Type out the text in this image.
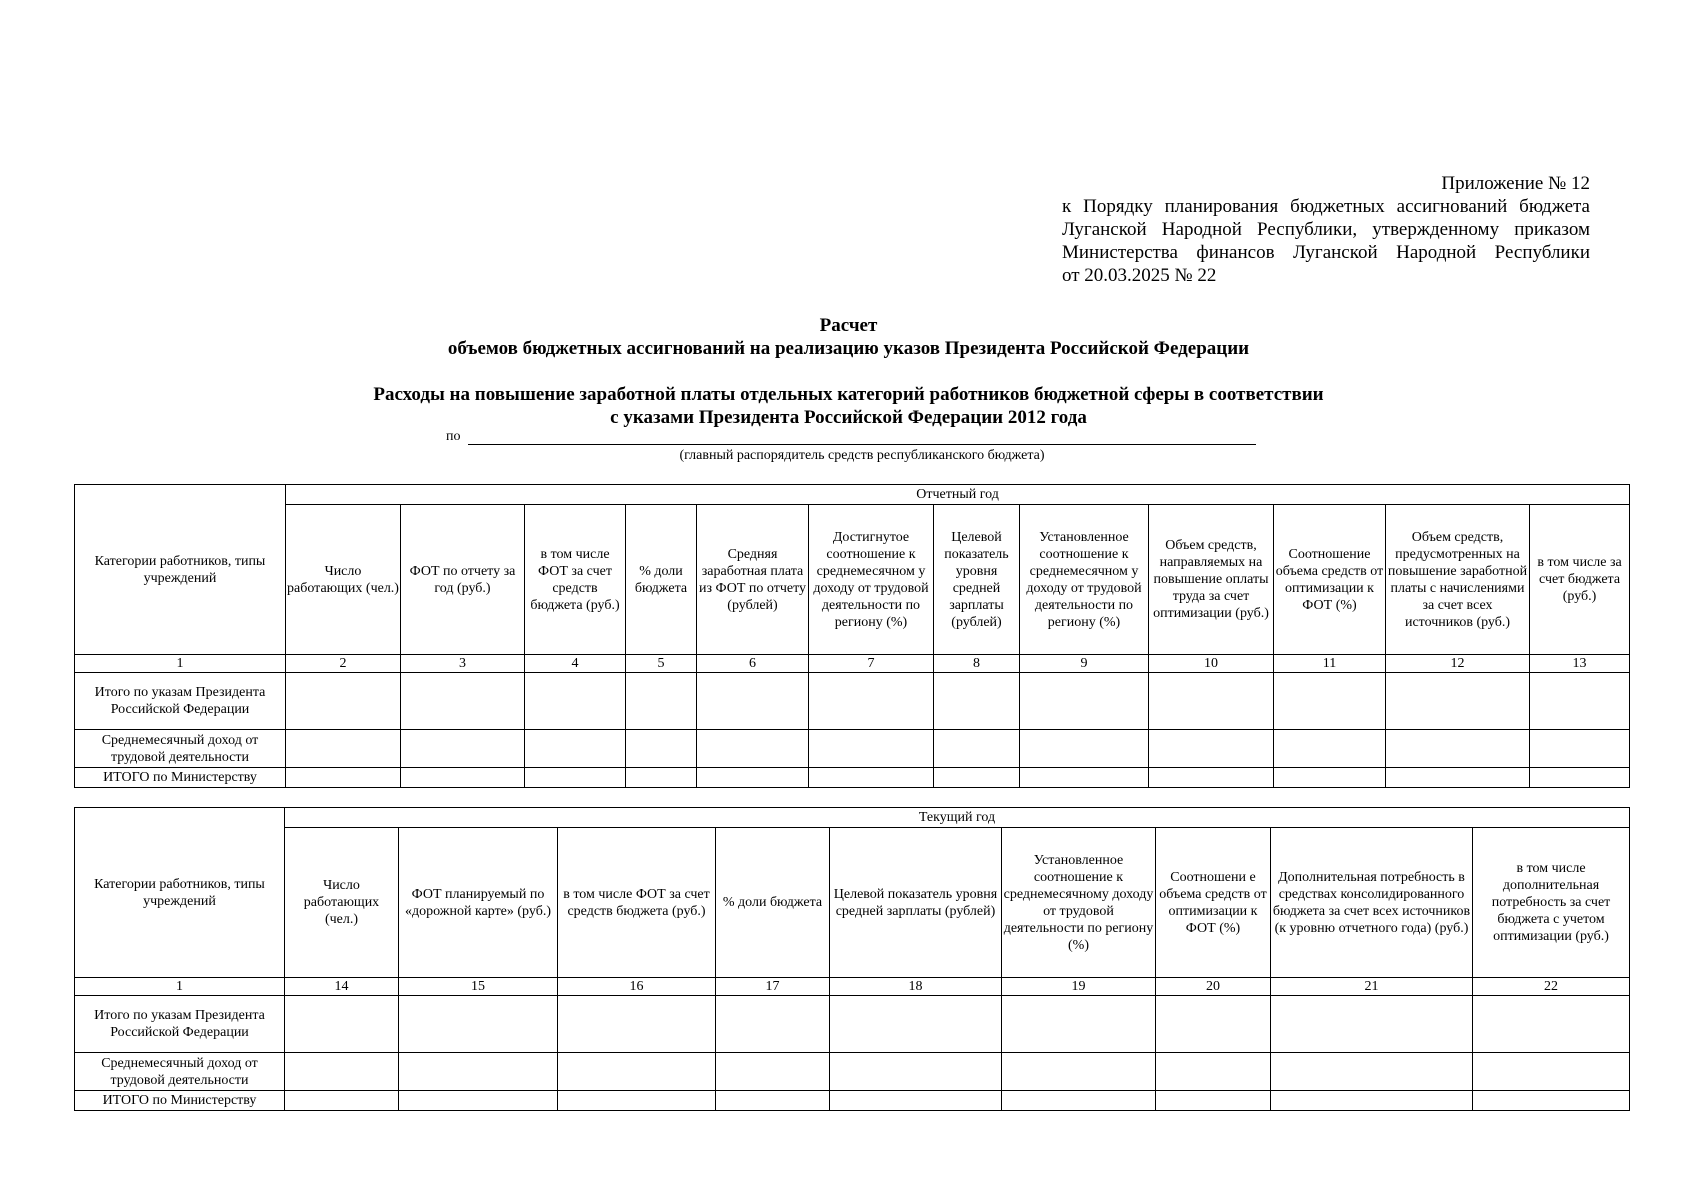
Приложение № 12
к Порядку планирования бюджетных ассигнований бюджета
Луганской Народной Республики, утвержденному приказом
Министерства финансов Луганской Народной Республики
от 20.03.2025 № 22
Расчет
объемов бюджетных ассигнований на реализацию указов Президента Российской Федерации
Расходы на повышение заработной платы отдельных категорий работников бюджетной сферы в соответствии
с указами Президента Российской Федерации 2012 года
по
(главный распорядитель средств республиканского бюджета)
Категории работников, типы учреждений	Отчетный год											
	Число работающих (чел.)	ФОТ по отчету за год (руб.)	в том числе ФОТ за счет средств бюджета (руб.)	% доли бюджета	Средняя заработная плата из ФОТ по отчету (рублей)	Достигнутое соотношение к среднемесячном у доходу от трудовой деятельности по региону (%)	Целевой показатель уровня средней зарплаты (рублей)	Установленное соотношение к среднемесячном у доходу от трудовой деятельности по региону (%)	Объем средств, направляемых на повышение оплаты труда за счет оптимизации (руб.)	Соотношение объема средств от оптимизации к ФОТ (%)	Объем средств, предусмотренных на повышение заработной платы с начислениями за счет всех источников (руб.)	в том числе за счет бюджета (руб.)
1	2	3	4	5	6	7	8	9	10	11	12	13
Итого по указам Президента Российской Федерации												
Среднемесячный доход от трудовой деятельности												
ИТОГО по Министерству												
Категории работников, типы учреждений	Текущий год								
	Число работающих (чел.)	ФОТ планируемый по «дорожной карте» (руб.)	в том числе ФОТ за счет средств бюджета (руб.)	% доли бюджета	Целевой показатель уровня средней зарплаты (рублей)	Установленное соотношение к среднемесячному доходу от трудовой деятельности по региону (%)	Соотношени е объема средств от оптимизации к ФОТ (%)	Дополнительная потребность в средствах консолидированного бюджета за счет всех источников (к уровню отчетного года) (руб.)	в том числе дополнительная потребность за счет бюджета с учетом оптимизации (руб.)
1	14	15	16	17	18	19	20	21	22
Итого по указам Президента Российской Федерации									
Среднемесячный доход от трудовой деятельности									
ИТОГО по Министерству									
